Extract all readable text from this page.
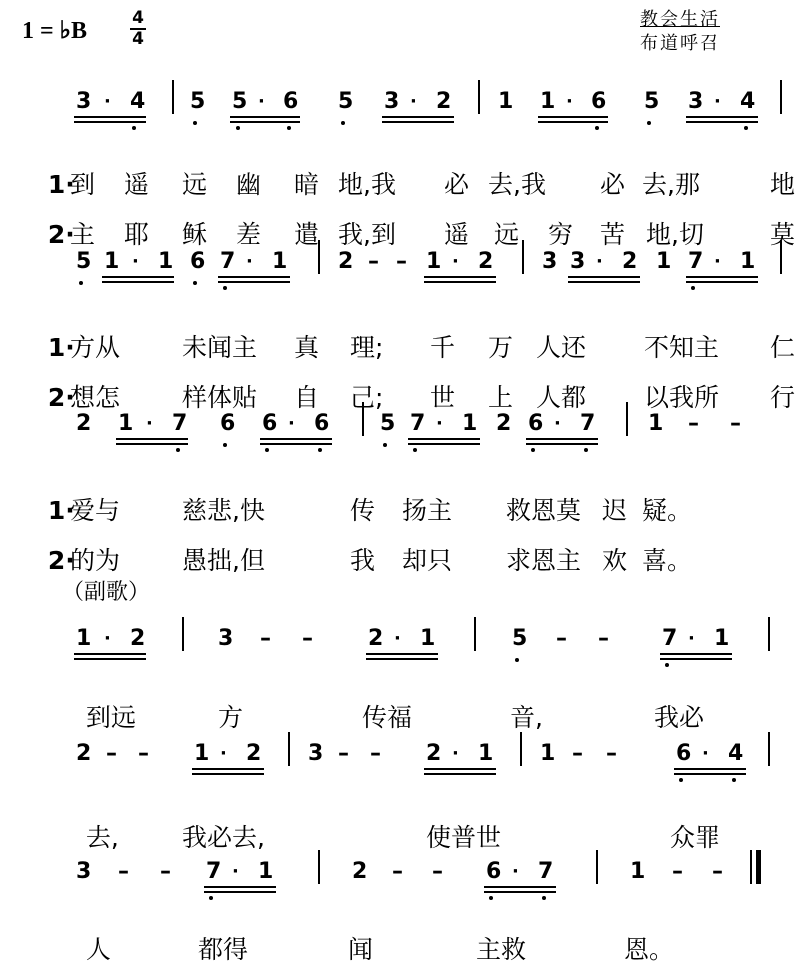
1 = ♭B	4
4
教会生活
布道呼召
3 · 4 5 5 · 6 5 3 · 2 1 1 · 6 5 3 · 4

1·
到 遥 远 幽 暗 地,我 必 去,我 必 去,那	地

2·
主 耶 稣 差 遣 我,到 遥 远 穷 苦 地,切	莫

5 1 · 1 6 7 · 1 2 – – 1 · 2 3 3 · 2 1 7 · 1

1·
方从 未闻主 真 理; 千 万 人还 不知主 仁

2·
想怎 样体贴 自 己; 世 上 人都 以我所 行

2 1 · 7 6 6 · 6 5 7 · 1 2 6 · 7 1 – –

1·
爱与 慈悲,快	传 扬主 救恩莫 迟 疑。

2·
的为 愚拙,但	我 却只 求恩主 欢 喜。

（副歌）
1 · 2	3 – –	2 · 1	5 – – 7 · 1

到远	方	传福	音,	我必

2 – – 1 · 2 3 – – 2 · 1 1 – –	6 · 4

去,	我必去,	使普世	众罪

3 – – 7 · 1	2 – – 6 · 7	1 – –

人	都得	闻	主救	恩。
